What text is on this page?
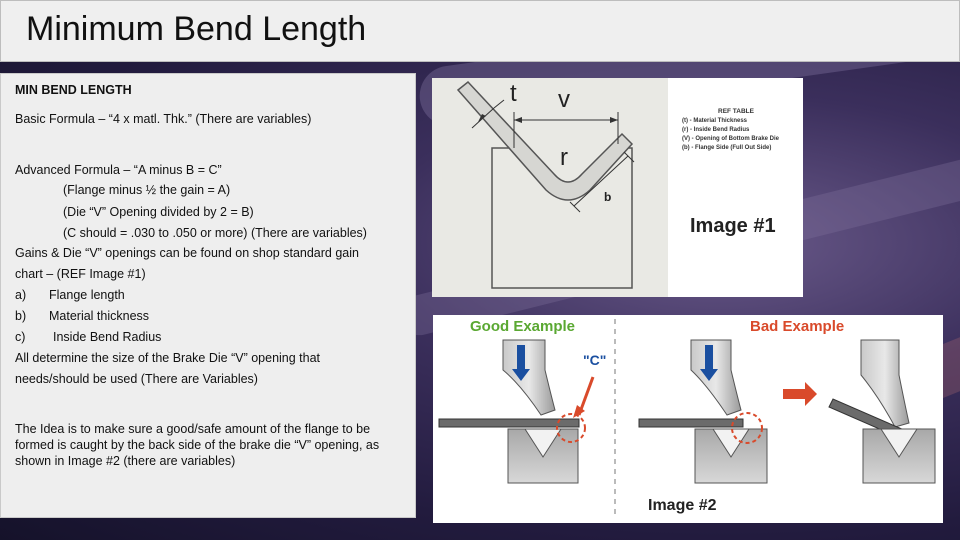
Minimum Bend Length
MIN BEND LENGTH
Basic Formula – “4 x matl. Thk.” (There are variables)
Advanced Formula – “A minus B = C”
(Flange minus ½ the gain = A)
(Die “V” Opening divided by 2 = B)
(C should = .030 to .050 or more) (There are variables)
Gains & Die “V” openings can be found on shop standard gain
chart – (REF Image #1)
a) Flange length
b) Material thickness
c) Inside Bend Radius
All determine the size of the Brake Die “V” opening that
needs/should be used (There are Variables)
The Idea is to make sure a good/safe amount of the flange to be formed is caught by the back side of the brake die “V” opening, as shown in Image #2 (there are variables)
t v
r
b
REF TABLE
(t) - Material Thickness
(r) - Inside Bend Radius
(V) - Opening of Bottom Brake Die
(b) - Flange Side (Full Out Side)
Image #1
Good Example	Bad Example
"C"
Image #2
